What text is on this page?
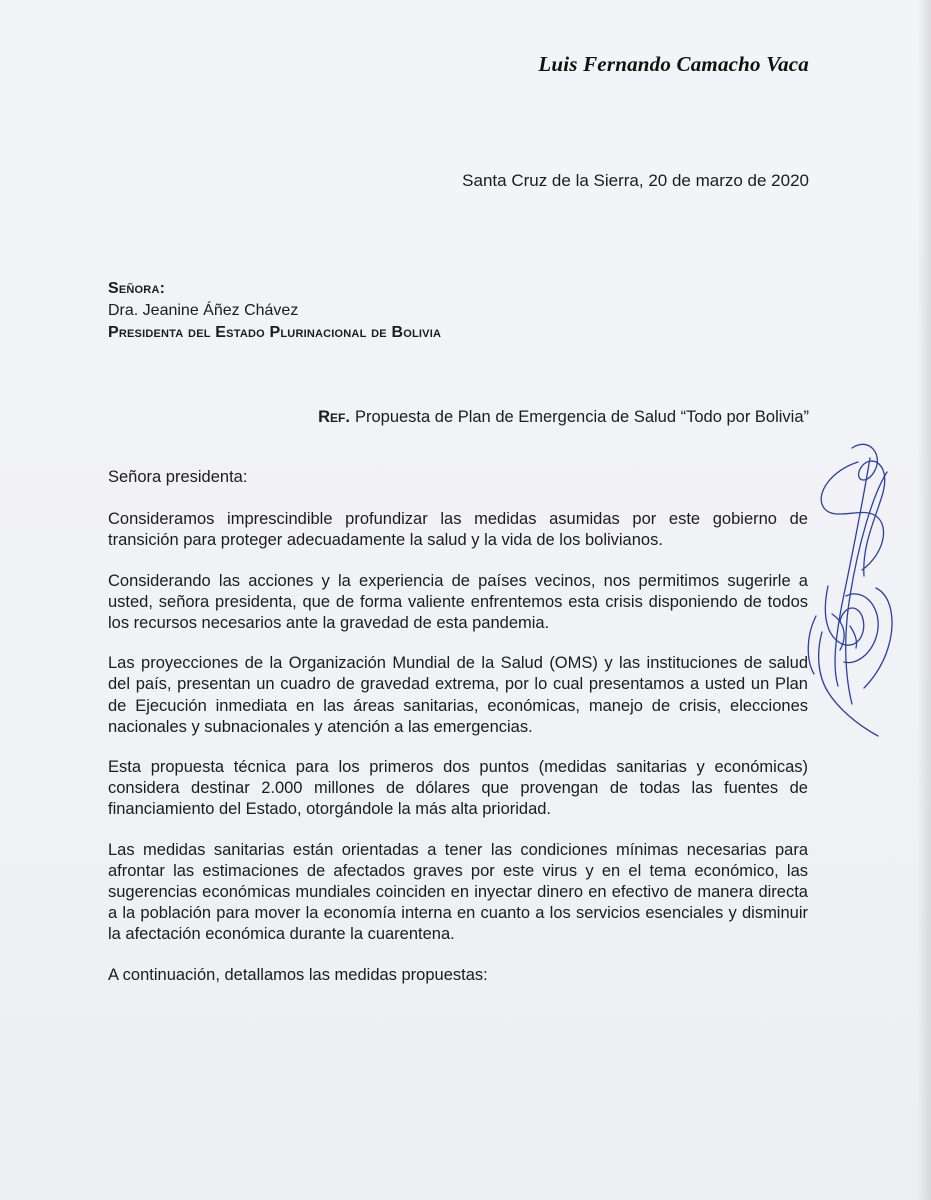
Luis Fernando Camacho Vaca
Santa Cruz de la Sierra, 20 de marzo de 2020
Señora:
Dra. Jeanine Áñez Chávez
Presidenta del Estado Plurinacional de Bolivia
Ref. Propuesta de Plan de Emergencia de Salud “Todo por Bolivia”

Señora presidenta:

Consideramos imprescindible profundizar las medidas asumidas por este gobierno de transición para proteger adecuadamente la salud y la vida de los bolivianos.

Considerando las acciones y la experiencia de países vecinos, nos permitimos sugerirle a usted, señora presidenta, que de forma valiente enfrentemos esta crisis disponiendo de todos los recursos necesarios ante la gravedad de esta pandemia.

Las proyecciones de la Organización Mundial de la Salud (OMS) y las instituciones de salud del país, presentan un cuadro de gravedad extrema, por lo cual presentamos a usted un Plan de Ejecución inmediata en las áreas sanitarias, económicas, manejo de crisis, elecciones nacionales y subnacionales y atención a las emergencias.

Esta propuesta técnica para los primeros dos puntos (medidas sanitarias y económicas) considera destinar 2.000 millones de dólares que provengan de todas las fuentes de financiamiento del Estado, otorgándole la más alta prioridad.

Las medidas sanitarias están orientadas a tener las condiciones mínimas necesarias para afrontar las estimaciones de afectados graves por este virus y en el tema económico, las sugerencias económicas mundiales coinciden en inyectar dinero en efectivo de manera directa a la población para mover la economía interna en cuanto a los servicios esenciales y disminuir la afectación económica durante la cuarentena.

A continuación, detallamos las medidas propuestas:
